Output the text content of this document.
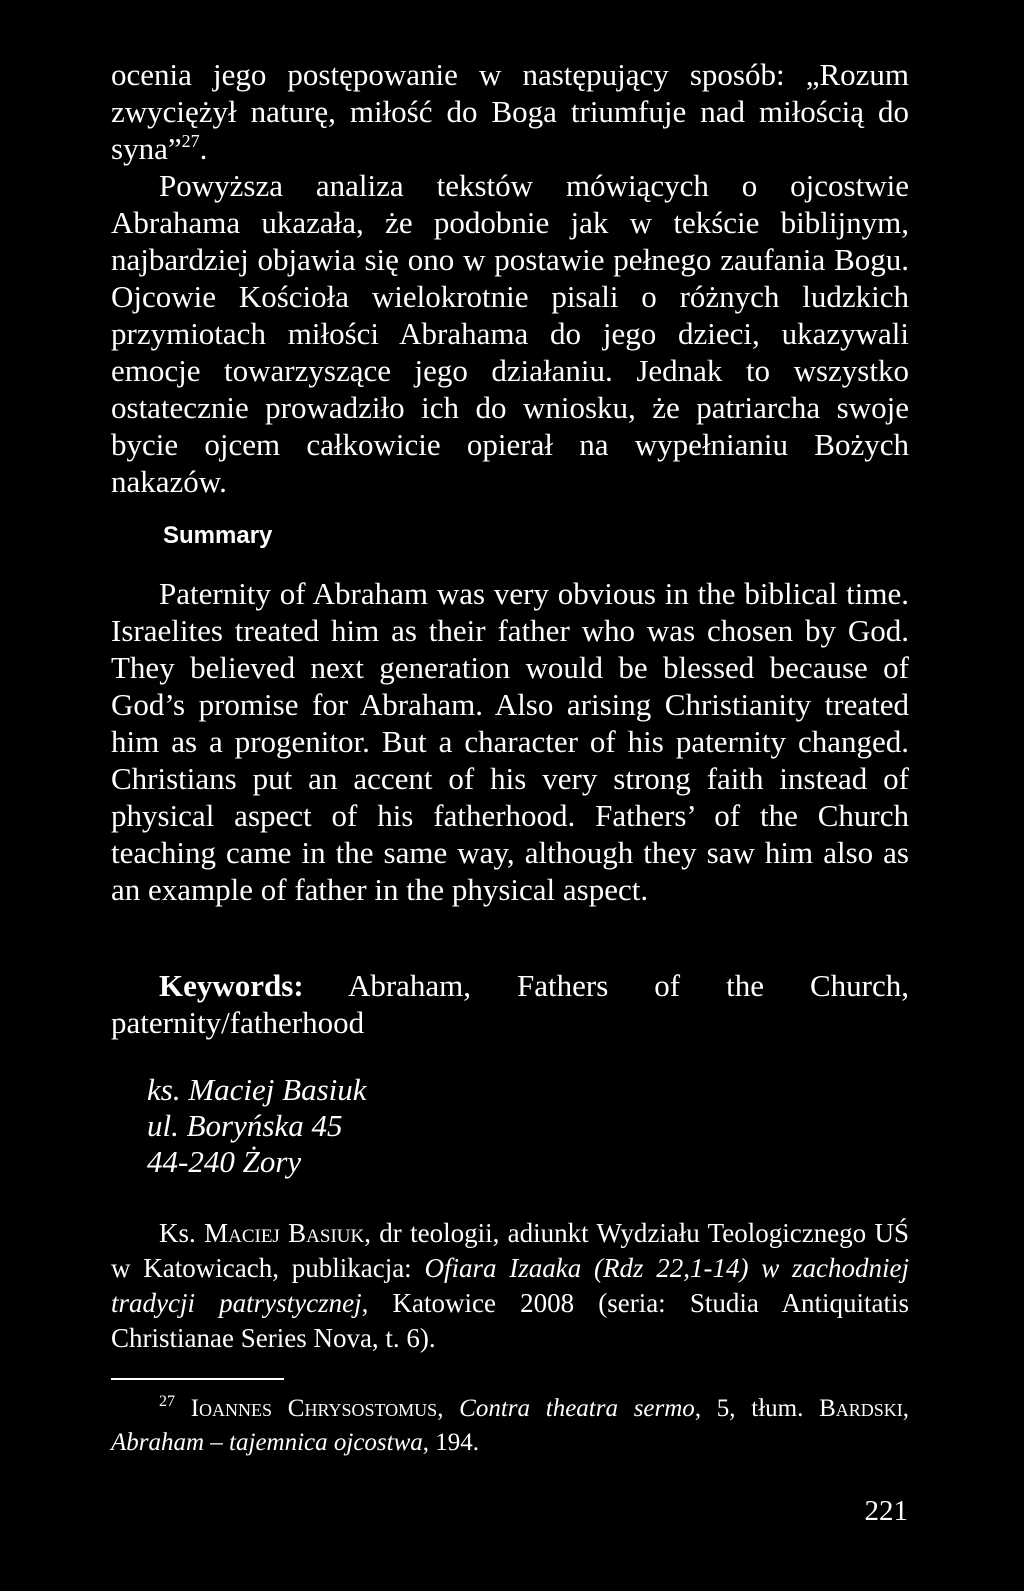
ocenia jego postępowanie w następujący sposób: „Rozum zwyciężył naturę, miłość do Boga triumfuje nad miłością do syna”$^{27}$.

Powyższa analiza tekstów mówiących o ojcostwie Abrahama ukazała, że podobnie jak w tekście biblijnym, najbardziej objawia się ono w postawie pełnego zaufania Bogu. Ojcowie Kościoła wielokrotnie pisali o różnych ludzkich przymiotach miłości Abrahama do jego dzieci, ukazywali emocje towarzyszące jego działaniu. Jednak to wszystko ostatecznie prowadziło ich do wniosku, że patriarcha swoje bycie ojcem całkowicie opierał na wypełnianiu Bożych nakazów.

Summary

Paternity of Abraham was very obvious in the biblical time. Israelites treated him as their father who was chosen by God. They believed next generation would be blessed because of God’s promise for Abraham. Also arising Christianity treated him as a progenitor. But a character of his paternity changed. Christians put an accent of his very strong faith instead of physical aspect of his fatherhood. Fathers’ of the Church teaching came in the same way, although they saw him also as an example of father in the physical aspect.

Keywords: Abraham, Fathers of the Church, paternity/fatherhood

ks. Maciej Basiuk
ul. Boryńska 45
44-240 Żory

Ks. Maciej Basiuk, dr teologii, adiunkt Wydziału Teologicznego UŚ w Katowicach, publikacja: Ofiara Izaaka (Rdz 22,1-14) w zachodniej tradycji patrystycznej, Katowice 2008 (seria: Studia Antiquitatis Christianae Series Nova, t. 6).

$^{27}$ Ioannes Chrysostomus, Contra theatra sermo, 5, tłum. Bardski, Abraham – tajemnica ojcostwa, 194.

221
